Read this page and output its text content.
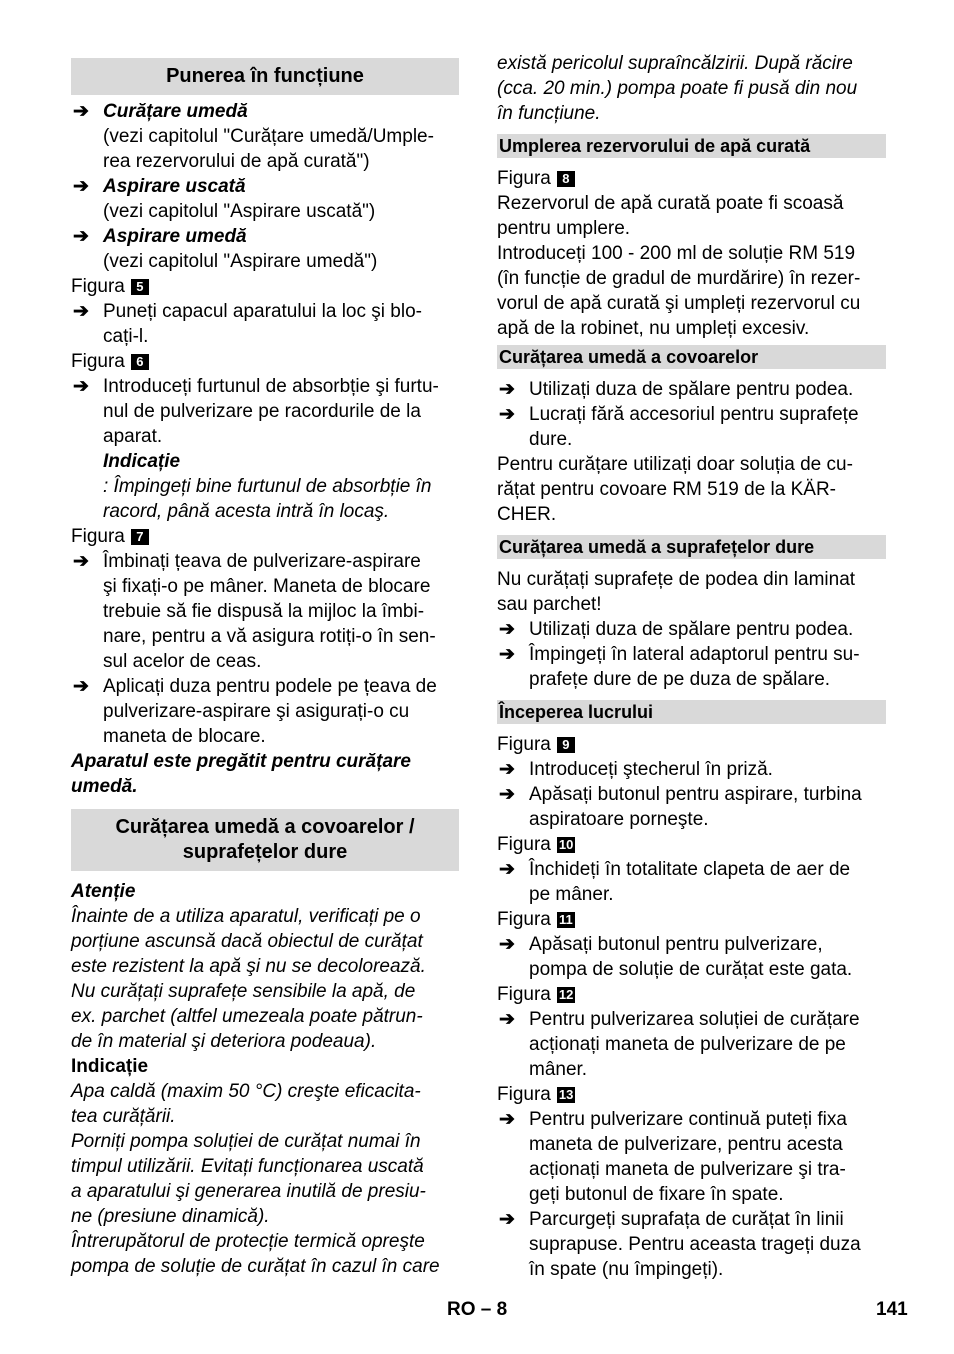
Punerea în funcțiune
➔ Curățare umedă
(vezi capitolul "Curățare umedă/Umple-
rea rezervorului de apă curată")
➔ Aspirare uscată
(vezi capitolul "Aspirare uscată")
➔ Aspirare umedă
(vezi capitolul "Aspirare umedă")
Figura 5
➔ Puneți capacul aparatului la loc şi blo-
cați-l.
Figura 6
➔ Introduceți furtunul de absorbție şi furtu-
nul de pulverizare pe racordurile de la
aparat.
Indicație
: Împingeți bine furtunul de absorbție în
racord, până acesta intră în locaş.
Figura 7
➔ Îmbinați țeava de pulverizare-aspirare
şi fixați-o pe mâner. Maneta de blocare
trebuie să fie dispusă la mijloc la îmbi-
nare, pentru a vă asigura rotiți-o în sen-
sul acelor de ceas.
➔ Aplicați duza pentru podele pe țeava de
pulverizare-aspirare şi asigurați-o cu
maneta de blocare.
Aparatul este pregătit pentru curățare
umedă.
Curățarea umedă a covoarelor /
suprafețelor dure
Atenție
Înainte de a utiliza aparatul, verificați pe o
porțiune ascunsă dacă obiectul de curățat
este rezistent la apă şi nu se decolorează.
Nu curățați suprafețe sensibile la apă, de
ex. parchet (altfel umezeala poate pătrun-
de în material şi deteriora podeaua).
Indicație
Apa caldă (maxim 50 °C) creşte eficacita-
tea curățării.
Porniți pompa soluției de curățat numai în
timpul utilizării. Evitați funcționarea uscată
a aparatului şi generarea inutilă de presiu-
ne (presiune dinamică).
Întrerupătorul de protecție termică opreşte
pompa de soluție de curățat în cazul în care
există pericolul supraîncălzirii. După răcire
(cca. 20 min.) pompa poate fi pusă din nou
în funcțiune.
Umplerea rezervorului de apă curată
Figura 8
Rezervorul de apă curată poate fi scoasă
pentru umplere.
Introduceți 100 - 200 ml de soluție RM 519
(în funcție de gradul de murdărire) în rezer-
vorul de apă curată şi umpleți rezervorul cu
apă de la robinet, nu umpleți excesiv.
Curățarea umedă a covoarelor
➔ Utilizați duza de spălare pentru podea.
➔ Lucrați fără accesoriul pentru suprafețe
dure.
Pentru curățare utilizați doar soluția de cu-
rățat pentru covoare RM 519 de la KÄR-
CHER.
Curățarea umedă a suprafețelor dure
Nu curățați suprafețe de podea din laminat
sau parchet!
➔ Utilizați duza de spălare pentru podea.
➔ Împingeți în lateral adaptorul pentru su-
prafețe dure de pe duza de spălare.
Începerea lucrului
Figura 9
➔ Introduceți ştecherul în priză.
➔ Apăsați butonul pentru aspirare, turbina
aspiratoare porneşte.
Figura 10
➔ Închideți în totalitate clapeta de aer de
pe mâner.
Figura 11
➔ Apăsați butonul pentru pulverizare,
pompa de soluție de curățat este gata.
Figura 12
➔ Pentru pulverizarea soluției de curățare
acționați maneta de pulverizare de pe
mâner.
Figura 13
➔ Pentru pulverizare continuă puteți fixa
maneta de pulverizare, pentru acesta
acționați maneta de pulverizare şi tra-
geți butonul de fixare în spate.
➔ Parcurgeți suprafața de curățat în linii
suprapuse. Pentru aceasta trageți duza
în spate (nu împingeți).
RO – 8	141
